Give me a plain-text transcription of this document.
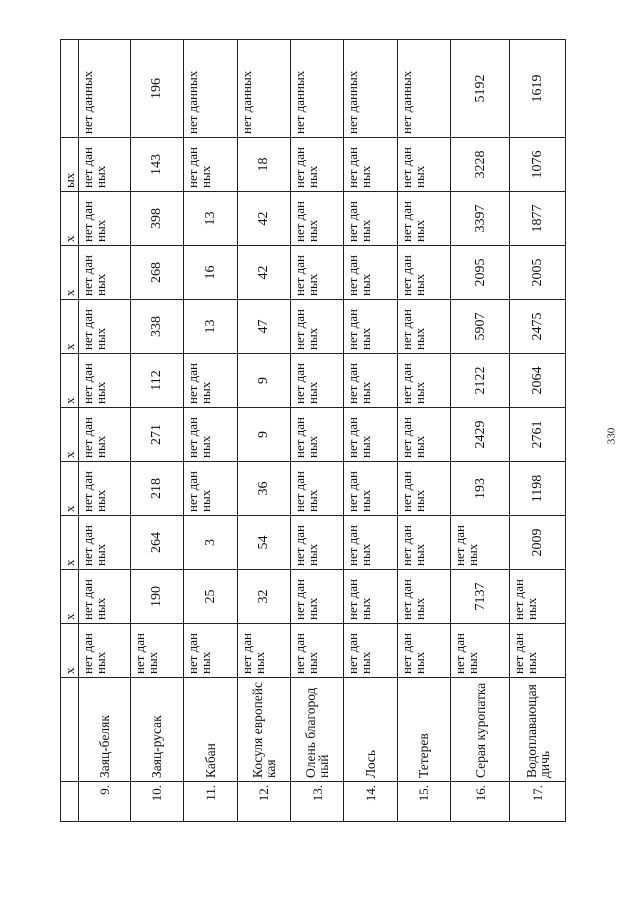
		х	х	х	х	х	х	х	х	х	ых	
9.	Заяц-беляк	нет данных	нет данных	нет данных	нет данных	нет данных	нет данных	нет данных	нет данных	нет данных	нет данных	нет данных
10.	Заяц-русак	нет данных	190	264	218	271	112	338	268	398	143	196
11.	Кабан	нет данных	25	3	нет данных	нет данных	нет данных	13	16	13	нет данных	нет данных
12.	Косуля европейская	нет данных	32	54	36	9	9	47	42	42	18	нет данных
13.	Олень благородный	нет данных	нет данных	нет данных	нет данных	нет данных	нет данных	нет данных	нет данных	нет данных	нет данных	нет данных
14.	Лось	нет данных	нет данных	нет данных	нет данных	нет данных	нет данных	нет данных	нет данных	нет данных	нет данных	нет данных
15.	Тетерев	нет данных	нет данных	нет данных	нет данных	нет данных	нет данных	нет данных	нет данных	нет данных	нет данных	нет данных
16.	Серая куропатка	нет данных	7137	нет данных	193	2429	2122	5907	2095	3397	3228	5192
17.	Водоплавающая дичь	нет данных	нет данных	2009	1198	2761	2064	2475	2005	1877	1076	1619
330
